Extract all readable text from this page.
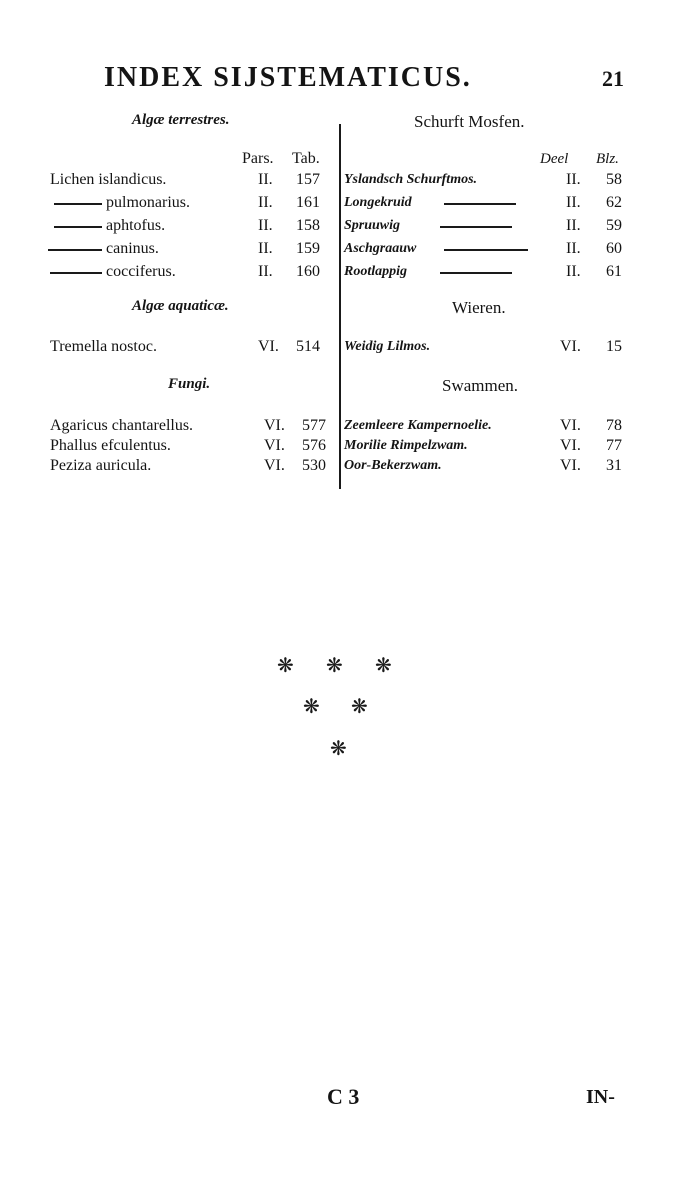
INDEX SIJSTEMATICUS.	21
Algæ terrestres.	Schurft Mosfen.
Pars. Tab.	Deel Blz.
Lichen islandicus.	II. 157 Yslandsch Schurftmos.	II. 58
pulmonarius.	II. 161 Longekruid	II. 62
aphtofus.	II. 158 Spruuwig	II. 59
caninus.	II. 159 Aschgraauw	II. 60
cocciferus.	II. 160 Rootlappig	II. 61
Algæ aquaticæ.	Wieren.
Tremella nostoc.	VI. 514 Weidig Lilmos.	VI. 15
Fungi.	Swammen.
Agaricus chantarellus.	VI. 577 Zeemleere Kampernoelie.	VI. 78
Phallus efculentus.	VI. 576 Morilie Rimpelzwam.	VI. 77
Peziza auricula.	VI. 530 Oor-Bekerzwam.	VI. 31
❋ ❋ ❋
❋ ❋
❋
C 3	IN-
